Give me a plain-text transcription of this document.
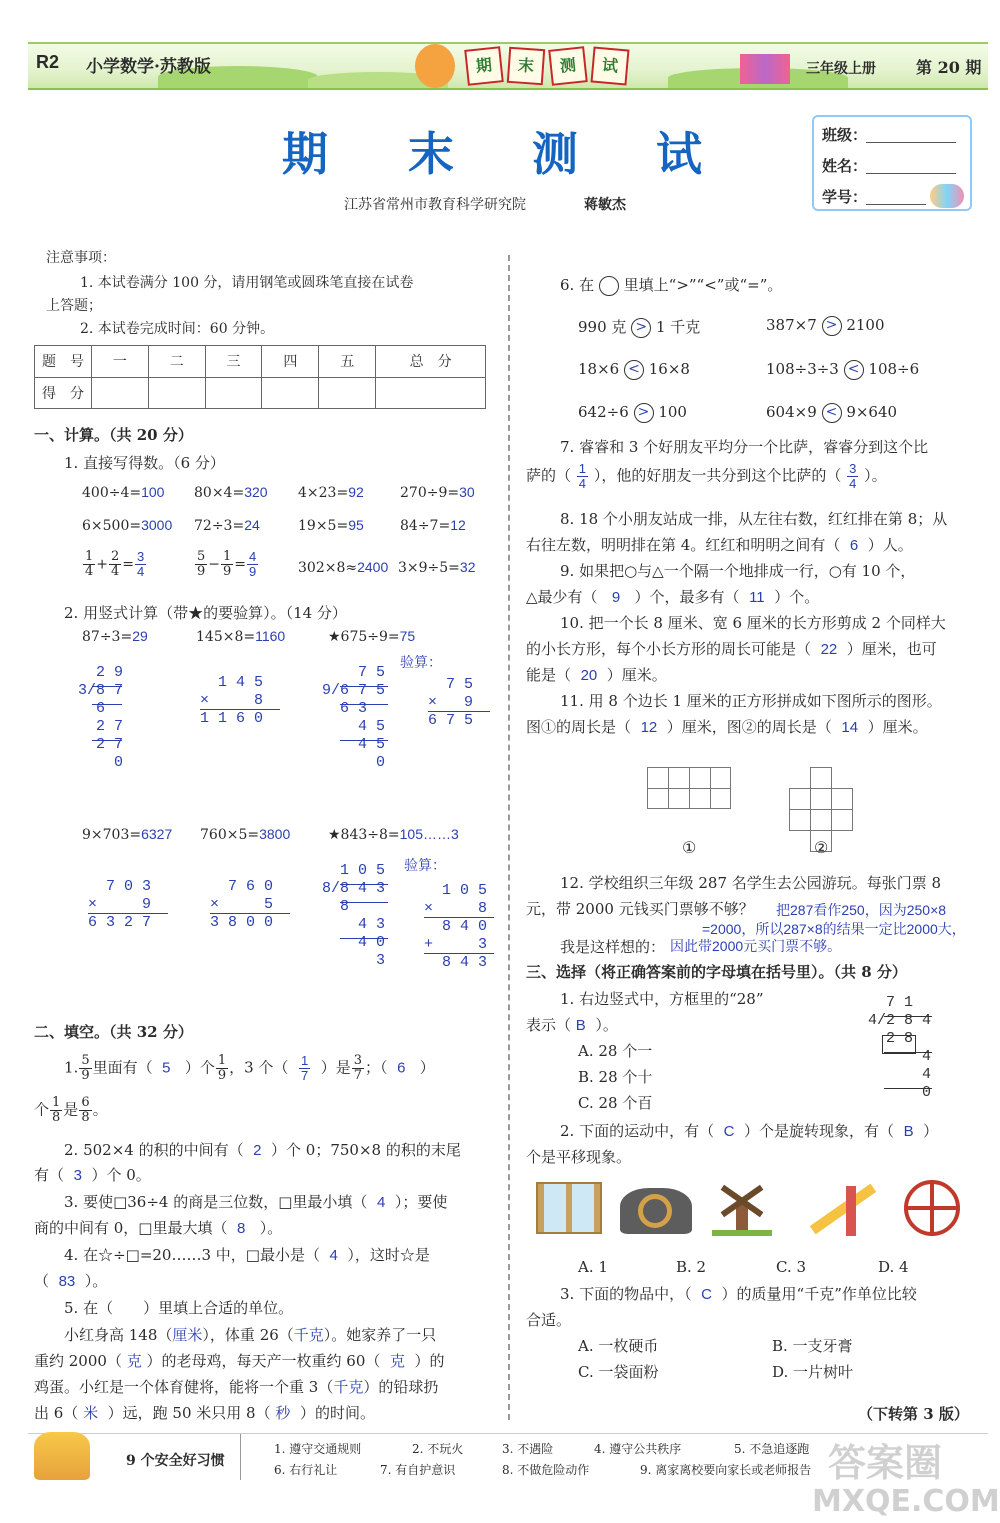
R2 小学数学·苏教版	期	末	测	试	三年级上册	第 20 期
期 末 测 试
江苏省常州市教育科学研究院	蒋敏杰
班级：
姓名：
学号：
注意事项：
1. 本试卷满分 100 分，请用钢笔或圆珠笔直接在试卷
上答题；
2. 本试卷完成时间：60 分钟。
题　号	一	二	三	四	五	总　分
得　分						
一、计算。（共 20 分）
1. 直接写得数。（6 分）
400÷4=100 80×4=320 4×23=92	270÷9=30
6×500=3000 72÷3=24	19×5=95	84÷7=12
$\frac{1}{4} + \frac{2}{4} = \frac{3}{4}$	$\frac{5}{9} - \frac{1}{9} = \frac{4}{9}$	302×8≈2400 3×9÷5=32
2. 用竖式计算（带★的要验算）。（14 分）
87÷3=29	145×8=1160	★675÷9=75
验算：
2 9
3/8 7
6
2 7
2 7
0
1 4 5
×     8
1 1 6 0
7 5
9/6 7 5
6 3
4 5
4 5
0
7 5
×   9
6 7 5
9×703=6327 760×5=3800	★843÷8=105……3
验算：
7 0 3
×     9
6 3 2 7
7 6 0
×     5
3 8 0 0
1 0 5
8/8 4 3
8
4 3
4 0
3
1 0 5
×     8
8 4 0
+     3
8 4 3
二、填空。（共 32 分）
1. $\frac{5}{9}$ 里面有（ 5 ）个 $\frac{1}{9}$ ，3 个（ $\frac{1}{7}$ ）是 $\frac{3}{7}$ ；（ 6 ）
个 $\frac{1}{8}$ 是 $\frac{6}{8}$ 。
2. 502×4 的积的中间有（ 2 ）个 0；750×8 的积的末尾
有（ 3 ）个 0。
3. 要使□36÷4 的商是三位数，□里最小填（ 4 ）；要使
商的中间有 0，□里最大填（ 8 ）。
4. 在☆÷□=20……3 中，□最小是（ 4 ），这时☆是
（ 83 ）。
5. 在（　　）里填上合适的单位。
小红身高 148（厘米），体重 26（千克）。她家养了一只
重约 2000（ 克 ）的老母鸡，每天产一枚重约 60（ 克 ）的
鸡蛋。小红是一个体育健将，能将一个重 3（千克）的铅球扔
出 6（ 米 ）远，跑 50 米只用 8（ 秒 ）的时间。
6. 在 里填上“>”“<”或“=”。
990 克 > 1 千克	387×7 > 2100
18×6 < 16×8	108÷3÷3 < 108÷6
642÷6 > 100	604×9 < 9×640
7. 睿睿和 3 个好朋友平均分一个比萨，睿睿分到这个比
萨的（ $\frac{1}{4}$ ），他的好朋友一共分到这个比萨的（ $\frac{3}{4}$ ）。
8. 18 个小朋友站成一排，从左往右数，红红排在第 8；从
右往左数，明明排在第 4。红红和明明之间有（ 6 ）人。
9. 如果把○与△一个隔一个地排成一行，○有 10 个，
△最少有（ 9 ）个，最多有（ 11 ）个。
10. 把一个长 8 厘米、宽 6 厘米的长方形剪成 2 个同样大
的小长方形，每个小长方形的周长可能是（ 22 ）厘米，也可
能是（ 20 ）厘米。
11. 用 8 个边长 1 厘米的正方形拼成如下图所示的图形。
图①的周长是（ 12 ）厘米，图②的周长是（ 14 ）厘米。
①	②
12. 学校组织三年级 287 名学生去公园游玩。每张门票 8
元，带 2000 元钱买门票够不够？ 把287看作250，因为250×8
=2000，所以287×8的结果一定比2000大，
我是这样想的： 因此带2000元买门票不够。
三、选择（将正确答案前的字母填在括号里）。（共 8 分）
1. 右边竖式中，方框里的“28”
表示（ B ）。
A. 28 个一
B. 28 个十
C. 28 个百
7 1
4/2 8 4
2 8
4
4
0
2. 下面的运动中，有（ C ）个是旋转现象，有（ B ）
个是平移现象。
A. 1	B. 2	C. 3	D. 4
3. 下面的物品中，（ C ）的质量用“千克”作单位比较
合适。
A. 一枚硬币	B. 一支牙膏
C. 一袋面粉	D. 一片树叶
（下转第 3 版）
9 个安全好习惯
1. 遵守交通规则	2. 不玩火	3. 不遇险	4. 遵守公共秩序	5. 不急追逐跑
6. 右行礼让	7. 有自护意识	8. 不做危险动作	9. 离家离校要向家长或老师报告 答案圈
MXQE.COM
